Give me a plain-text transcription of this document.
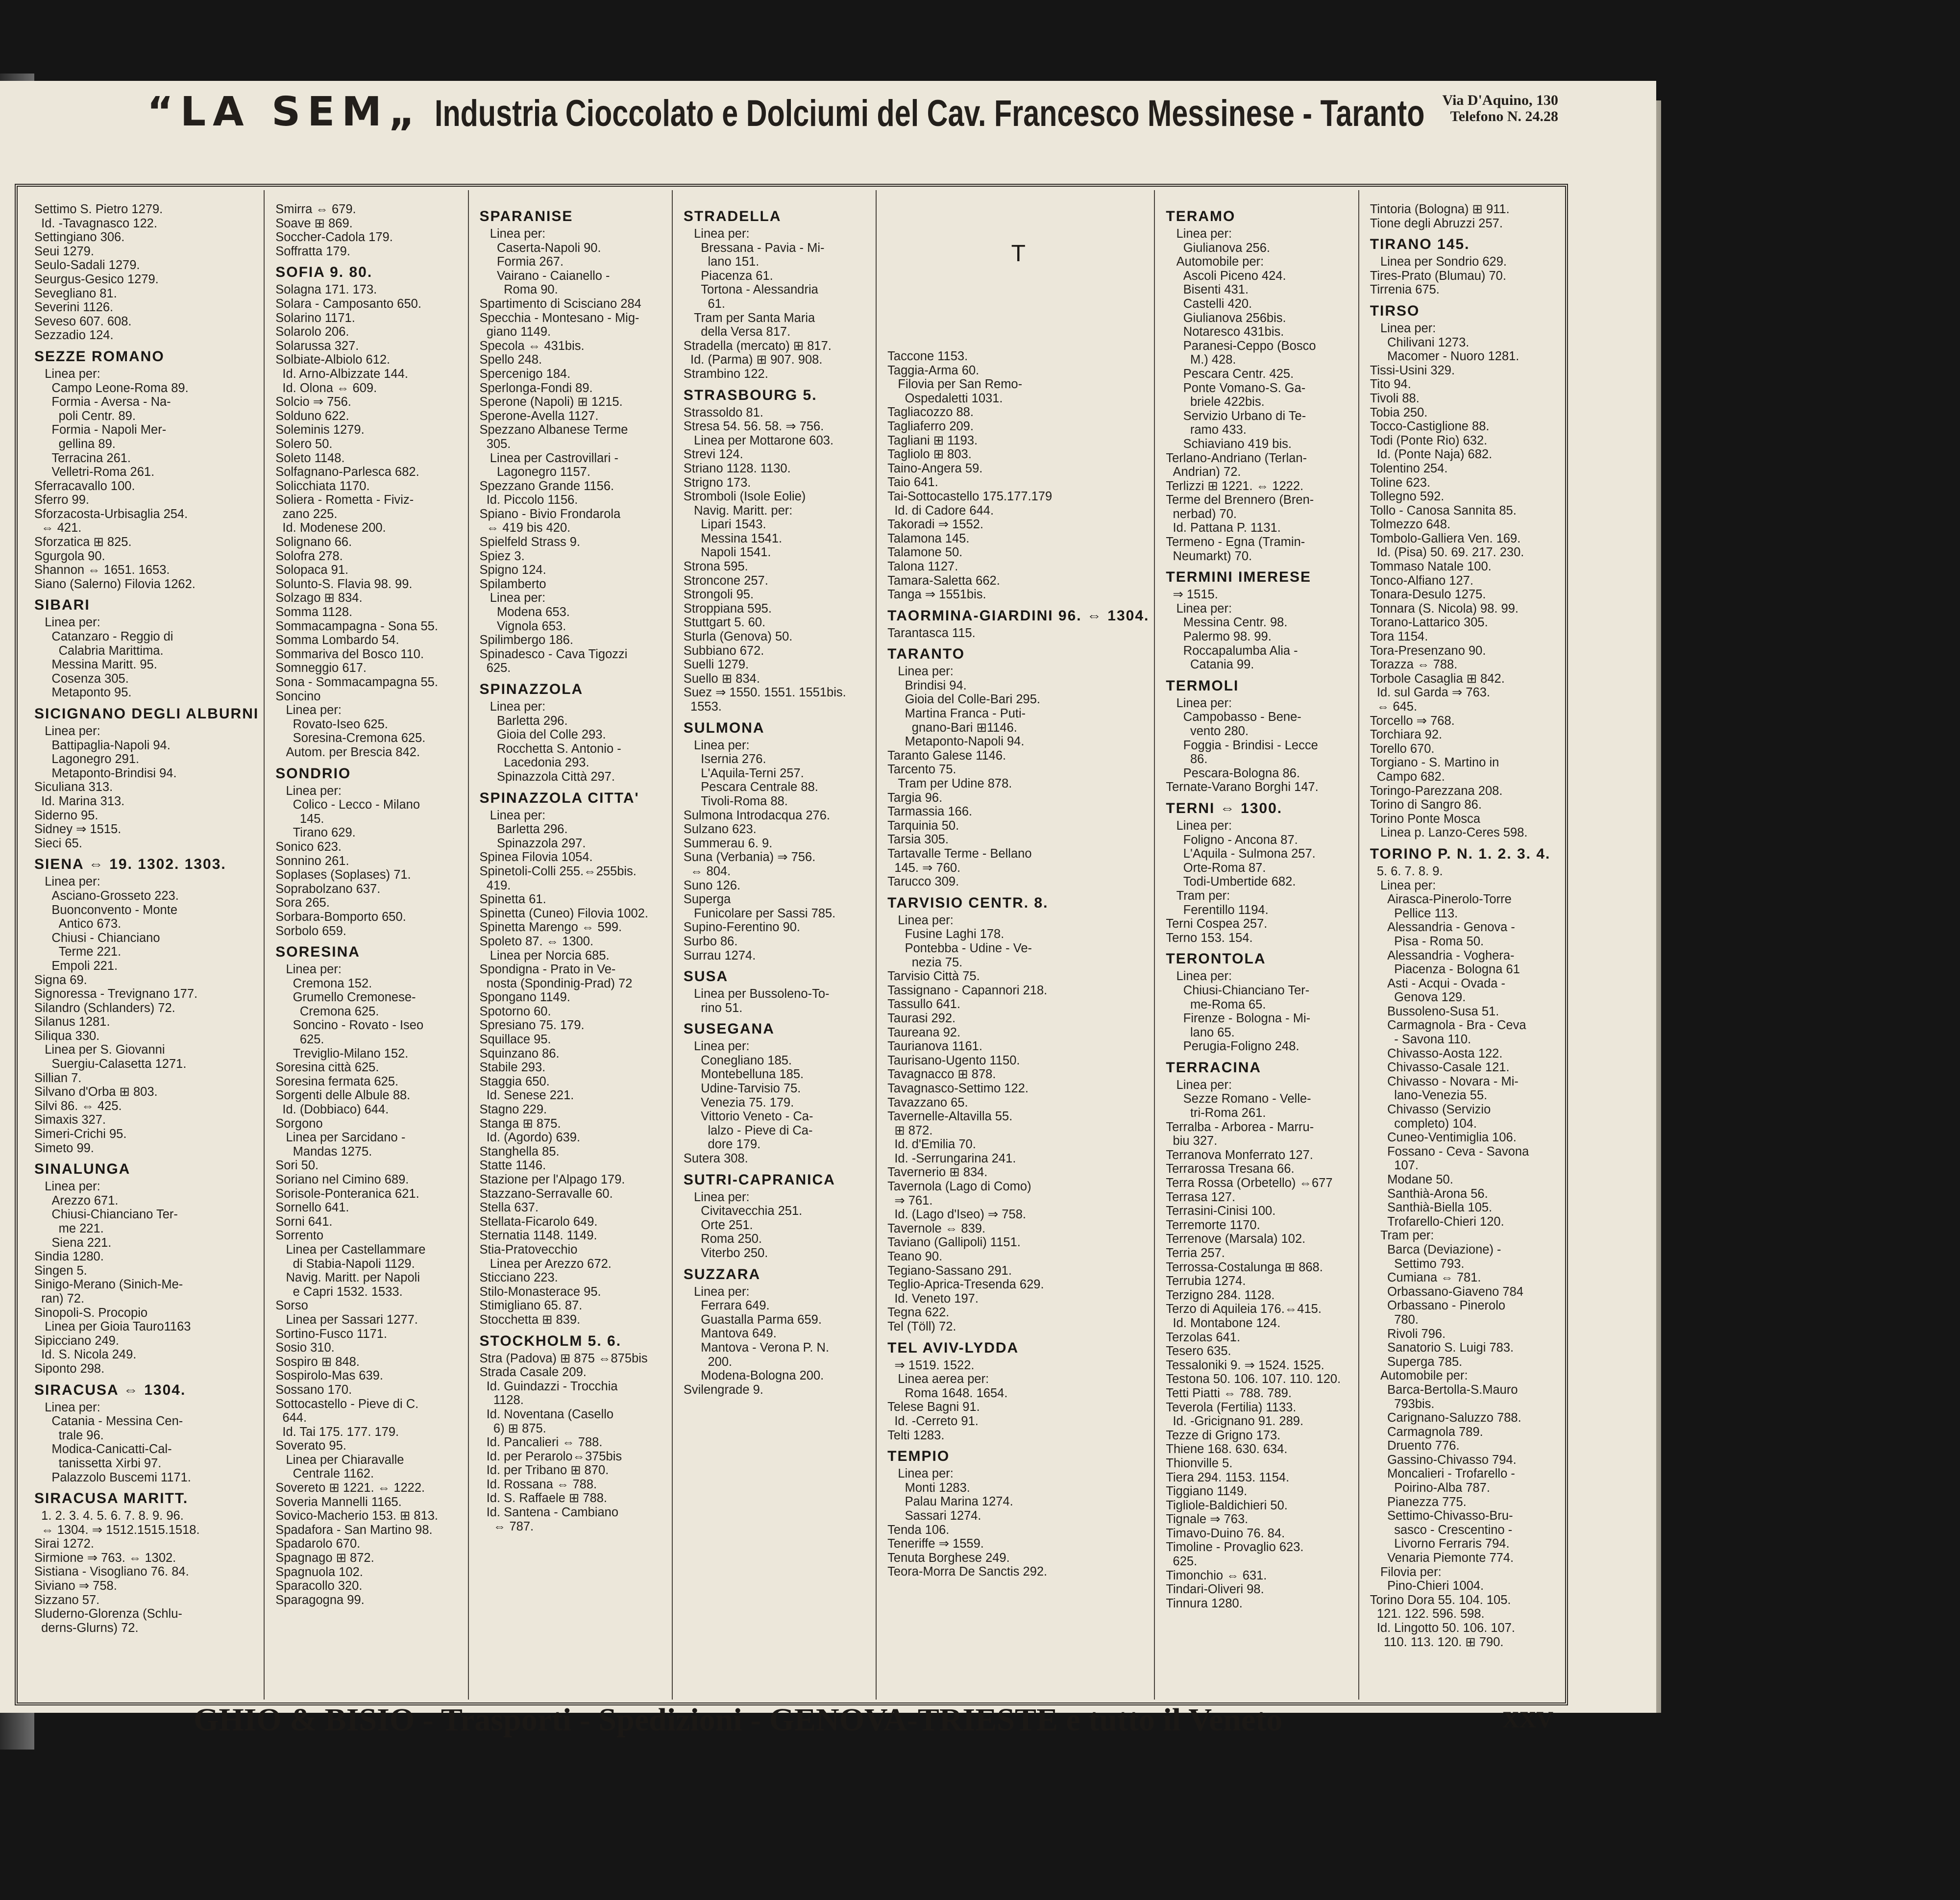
“LA SEM„ Industria Cioccolato e Dolciumi del Cav. Francesco Messinese - Taranto	Via D'Aquino, 130
Telefono N. 24.28

Settimo S. Pietro 1279.

Id. -Tavagnasco 122.

Settingiano 306.

Seui 1279.

Seulo-Sadali 1279.

Seurgus-Gesico 1279.

Sevegliano 81.

Severini 1126.

Seveso 607. 608.

Sezzadio 124.

SEZZE ROMANO

Linea per:

Campo Leone-Roma 89.

Formia - Aversa - Na-

poli Centr. 89.

Formia - Napoli Mer-

gellina 89.

Terracina 261.

Velletri-Roma 261.

Sferracavallo 100.

Sferro 99.

Sforzacosta-Urbisaglia 254.

⇔ 421.

Sforzatica ⊞ 825.

Sgurgola 90.

Shannon ⇔ 1651. 1653.

Siano (Salerno) Filovia 1262.

SIBARI

Linea per:

Catanzaro - Reggio di

Calabria Marittima.

Messina Maritt. 95.

Cosenza 305.

Metaponto 95.

SICIGNANO DEGLI ALBURNI

Linea per:

Battipaglia-Napoli 94.

Lagonegro 291.

Metaponto-Brindisi 94.

Siculiana 313.

Id. Marina 313.

Siderno 95.

Sidney ⇒ 1515.

Sieci 65.

SIENA ⇔ 19. 1302. 1303.

Linea per:

Asciano-Grosseto 223.

Buonconvento - Monte

Antico 673.

Chiusi - Chianciano

Terme 221.

Empoli 221.

Signa 69.

Signoressa - Trevignano 177.

Silandro (Schlanders) 72.

Silanus 1281.

Siliqua 330.

Linea per S. Giovanni

Suergiu-Calasetta 1271.

Sillian 7.

Silvano d'Orba ⊞ 803.

Silvi 86. ⇔ 425.

Simaxis 327.

Simeri-Crichi 95.

Simeto 99.

SINALUNGA

Linea per:

Arezzo 671.

Chiusi-Chianciano Ter-

me 221.

Siena 221.

Sindia 1280.

Singen 5.

Sinigo-Merano (Sinich-Me-

ran) 72.

Sinopoli-S. Procopio

Linea per Gioia Tauro1163

Sipicciano 249.

Id. S. Nicola 249.

Siponto 298.

SIRACUSA ⇔ 1304.

Linea per:

Catania - Messina Cen-

trale 96.

Modica-Canicatti-Cal-

tanissetta Xirbi 97.

Palazzolo Buscemi 1171.

SIRACUSA MARITT.

1. 2. 3. 4. 5. 6. 7. 8. 9. 96.

⇔ 1304. ⇒ 1512.1515.1518.

Sirai 1272.

Sirmione ⇒ 763. ⇔ 1302.

Sistiana - Visogliano 76. 84.

Siviano ⇒ 758.

Sizzano 57.

Sluderno-Glorenza (Schlu-

derns-Glurns) 72.

Smirra ⇔ 679.

Soave ⊞ 869.

Soccher-Cadola 179.

Soffratta 179.

SOFIA 9. 80.

Solagna 171. 173.

Solara - Camposanto 650.

Solarino 1171.

Solarolo 206.

Solarussa 327.

Solbiate-Albiolo 612.

Id. Arno-Albizzate 144.

Id. Olona ⇔ 609.

Solcio ⇒ 756.

Solduno 622.

Soleminis 1279.

Solero 50.

Soleto 1148.

Solfagnano-Parlesca 682.

Solicchiata 1170.

Soliera - Rometta - Fiviz-

zano 225.

Id. Modenese 200.

Solignano 66.

Solofra 278.

Solopaca 91.

Solunto-S. Flavia 98. 99.

Solzago ⊞ 834.

Somma 1128.

Sommacampagna - Sona 55.

Somma Lombardo 54.

Sommariva del Bosco 110.

Somneggio 617.

Sona - Sommacampagna 55.

Soncino

Linea per:

Rovato-Iseo 625.

Soresina-Cremona 625.

Autom. per Brescia 842.

SONDRIO

Linea per:

Colico - Lecco - Milano

145.

Tirano 629.

Sonico 623.

Sonnino 261.

Soplases (Soplases) 71.

Soprabolzano 637.

Sora 265.

Sorbara-Bomporto 650.

Sorbolo 659.

SORESINA

Linea per:

Cremona 152.

Grumello Cremonese-

Cremona 625.

Soncino - Rovato - Iseo

625.

Treviglio-Milano 152.

Soresina città 625.

Soresina fermata 625.

Sorgenti delle Albule 88.

Id. (Dobbiaco) 644.

Sorgono

Linea per Sarcidano -

Mandas 1275.

Sori 50.

Soriano nel Cimino 689.

Sorisole-Ponteranica 621.

Sornello 641.

Sorni 641.

Sorrento

Linea per Castellammare

di Stabia-Napoli 1129.

Navig. Maritt. per Napoli

e Capri 1532. 1533.

Sorso

Linea per Sassari 1277.

Sortino-Fusco 1171.

Sosio 310.

Sospiro ⊞ 848.

Sospirolo-Mas 639.

Sossano 170.

Sottocastello - Pieve di C.

644.

Id. Tai 175. 177. 179.

Soverato 95.

Linea per Chiaravalle

Centrale 1162.

Sovereto ⊞ 1221. ⇔ 1222.

Soveria Mannelli 1165.

Sovico-Macherio 153. ⊞ 813.

Spadafora - San Martino 98.

Spadarolo 670.

Spagnago ⊞ 872.

Spagnuola 102.

Sparacollo 320.

Sparagogna 99.

SPARANISE

Linea per:

Caserta-Napoli 90.

Formia 267.

Vairano - Caianello -

Roma 90.

Spartimento di Scisciano 284

Specchia - Montesano - Mig-

giano 1149.

Specola ⇔ 431bis.

Spello 248.

Spercenigo 184.

Sperlonga-Fondi 89.

Sperone (Napoli) ⊞ 1215.

Sperone-Avella 1127.

Spezzano Albanese Terme

305.

Linea per Castrovillari -

Lagonegro 1157.

Spezzano Grande 1156.

Id. Piccolo 1156.

Spiano - Bivio Frondarola

⇔ 419 bis 420.

Spielfeld Strass 9.

Spiez 3.

Spigno 124.

Spilamberto

Linea per:

Modena 653.

Vignola 653.

Spilimbergo 186.

Spinadesco - Cava Tigozzi

625.

SPINAZZOLA

Linea per:

Barletta 296.

Gioia del Colle 293.

Rocchetta S. Antonio -

Lacedonia 293.

Spinazzola Città 297.

SPINAZZOLA CITTA'

Linea per:

Barletta 296.

Spinazzola 297.

Spinea Filovia 1054.

Spinetoli-Colli 255.⇔255bis.

419.

Spinetta 61.

Spinetta (Cuneo) Filovia 1002.

Spinetta Marengo ⇔ 599.

Spoleto 87. ⇔ 1300.

Linea per Norcia 685.

Spondigna - Prato in Ve-

nosta (Spondinig-Prad) 72

Spongano 1149.

Spotorno 60.

Spresiano 75. 179.

Squillace 95.

Squinzano 86.

Stabile 293.

Staggia 650.

Id. Senese 221.

Stagno 229.

Stanga ⊞ 875.

Id. (Agordo) 639.

Stanghella 85.

Statte 1146.

Stazione per l'Alpago 179.

Stazzano-Serravalle 60.

Stella 637.

Stellata-Ficarolo 649.

Sternatia 1148. 1149.

Stia-Pratovecchio

Linea per Arezzo 672.

Sticciano 223.

Stilo-Monasterace 95.

Stimigliano 65. 87.

Stocchetta ⊞ 839.

STOCKHOLM 5. 6.

Stra (Padova) ⊞ 875 ⇔875bis

Strada Casale 209.

Id. Guindazzi - Trocchia

1128.

Id. Noventana (Casello

6) ⊞ 875.

Id. Pancalieri ⇔ 788.

Id. per Perarolo⇔375bis

Id. per Tribano ⊞ 870.

Id. Rossana ⇔ 788.

Id. S. Raffaele ⊞ 788.

Id. Santena - Cambiano

⇔ 787.

STRADELLA

Linea per:

Bressana - Pavia - Mi-

lano 151.

Piacenza 61.

Tortona - Alessandria

61.

Tram per Santa Maria

della Versa 817.

Stradella (mercato) ⊞ 817.

Id. (Parma) ⊞ 907. 908.

Strambino 122.

STRASBOURG 5.

Strassoldo 81.

Stresa 54. 56. 58. ⇒ 756.

Linea per Mottarone 603.

Strevi 124.

Striano 1128. 1130.

Strigno 173.

Stromboli (Isole Eolie)

Navig. Maritt. per:

Lipari 1543.

Messina 1541.

Napoli 1541.

Strona 595.

Stroncone 257.

Strongoli 95.

Stroppiana 595.

Stuttgart 5. 60.

Sturla (Genova) 50.

Subbiano 672.

Suelli 1279.

Suello ⊞ 834.

Suez ⇒ 1550. 1551. 1551bis.

1553.

SULMONA

Linea per:

Isernia 276.

L'Aquila-Terni 257.

Pescara Centrale 88.

Tivoli-Roma 88.

Sulmona Introdacqua 276.

Sulzano 623.

Summerau 6. 9.

Suna (Verbania) ⇒ 756.

⇔ 804.

Suno 126.

Superga

Funicolare per Sassi 785.

Supino-Ferentino 90.

Surbo 86.

Surrau 1274.

SUSA

Linea per Bussoleno-To-

rino 51.

SUSEGANA

Linea per:

Conegliano 185.

Montebelluna 185.

Udine-Tarvisio 75.

Venezia 75. 179.

Vittorio Veneto - Ca-

lalzo - Pieve di Ca-

dore 179.

Sutera 308.

SUTRI-CAPRANICA

Linea per:

Civitavecchia 251.

Orte 251.

Roma 250.

Viterbo 250.

SUZZARA

Linea per:

Ferrara 649.

Guastalla Parma 659.

Mantova 649.

Mantova - Verona P. N.

200.

Modena-Bologna 200.

Svilengrade 9.

T

Taccone 1153.

Taggia-Arma 60.

Filovia per San Remo-

Ospedaletti 1031.

Tagliacozzo 88.

Tagliaferro 209.

Tagliani ⊞ 1193.

Tagliolo ⊞ 803.

Taino-Angera 59.

Taio 641.

Tai-Sottocastello 175.177.179

Id. di Cadore 644.

Takoradi ⇒ 1552.

Talamona 145.

Talamone 50.

Talona 1127.

Tamara-Saletta 662.

Tanga ⇒ 1551bis.

TAORMINA-GIARDINI 96. ⇔ 1304.

Tarantasca 115.

TARANTO

Linea per:

Brindisi 94.

Gioia del Colle-Bari 295.

Martina Franca - Puti-

gnano-Bari ⊞1146.

Metaponto-Napoli 94.

Taranto Galese 1146.

Tarcento 75.

Tram per Udine 878.

Targia 96.

Tarmassia 166.

Tarquinia 50.

Tarsia 305.

Tartavalle Terme - Bellano

145. ⇒ 760.

Tarucco 309.

TARVISIO CENTR. 8.

Linea per:

Fusine Laghi 178.

Pontebba - Udine - Ve-

nezia 75.

Tarvisio Città 75.

Tassignano - Capannori 218.

Tassullo 641.

Taurasi 292.

Taureana 92.

Taurianova 1161.

Taurisano-Ugento 1150.

Tavagnacco ⊞ 878.

Tavagnasco-Settimo 122.

Tavazzano 65.

Tavernelle-Altavilla 55.

⊞ 872.

Id. d'Emilia 70.

Id. -Serrungarina 241.

Tavernerio ⊞ 834.

Tavernola (Lago di Como)

⇒ 761.

Id. (Lago d'Iseo) ⇒ 758.

Tavernole ⇔ 839.

Taviano (Gallipoli) 1151.

Teano 90.

Tegiano-Sassano 291.

Teglio-Aprica-Tresenda 629.

Id. Veneto 197.

Tegna 622.

Tel (Töll) 72.

TEL AVIV-LYDDA

⇒ 1519. 1522.

Linea aerea per:

Roma 1648. 1654.

Telese Bagni 91.

Id. -Cerreto 91.

Telti 1283.

TEMPIO

Linea per:

Monti 1283.

Palau Marina 1274.

Sassari 1274.

Tenda 106.

Teneriffe ⇒ 1559.

Tenuta Borghese 249.

Teora-Morra De Sanctis 292.

TERAMO

Linea per:

Giulianova 256.

Automobile per:

Ascoli Piceno 424.

Bisenti 431.

Castelli 420.

Giulianova 256bis.

Notaresco 431bis.

Paranesi-Ceppo (Bosco

M.) 428.

Pescara Centr. 425.

Ponte Vomano-S. Ga-

briele 422bis.

Servizio Urbano di Te-

ramo 433.

Schiaviano 419 bis.

Terlano-Andriano (Terlan-

Andrian) 72.

Terlizzi ⊞ 1221. ⇔ 1222.

Terme del Brennero (Bren-

nerbad) 70.

Id. Pattana P. 1131.

Termeno - Egna (Tramin-

Neumarkt) 70.

TERMINI IMERESE

⇒ 1515.

Linea per:

Messina Centr. 98.

Palermo 98. 99.

Roccapalumba Alia -

Catania 99.

TERMOLI

Linea per:

Campobasso - Bene-

vento 280.

Foggia - Brindisi - Lecce

86.

Pescara-Bologna 86.

Ternate-Varano Borghi 147.

TERNI ⇔ 1300.

Linea per:

Foligno - Ancona 87.

L'Aquila - Sulmona 257.

Orte-Roma 87.

Todi-Umbertide 682.

Tram per:

Ferentillo 1194.

Terni Cospea 257.

Terno 153. 154.

TERONTOLA

Linea per:

Chiusi-Chianciano Ter-

me-Roma 65.

Firenze - Bologna - Mi-

lano 65.

Perugia-Foligno 248.

TERRACINA

Linea per:

Sezze Romano - Velle-

tri-Roma 261.

Terralba - Arborea - Marru-

biu 327.

Terranova Monferrato 127.

Terrarossa Tresana 66.

Terra Rossa (Orbetello) ⇔677

Terrasa 127.

Terrasini-Cinisi 100.

Terremorte 1170.

Terrenove (Marsala) 102.

Terria 257.

Terrossa-Costalunga ⊞ 868.

Terrubia 1274.

Terzigno 284. 1128.

Terzo di Aquileia 176.⇔415.

Id. Montabone 124.

Terzolas 641.

Tesero 635.

Tessaloniki 9. ⇒ 1524. 1525.

Testona 50. 106. 107. 110. 120.

Tetti Piatti ⇔ 788. 789.

Teverola (Fertilia) 1133.

Id. -Gricignano 91. 289.

Tezze di Grigno 173.

Thiene 168. 630. 634.

Thionville 5.

Tiera 294. 1153. 1154.

Tiggiano 1149.

Tigliole-Baldichieri 50.

Tignale ⇒ 763.

Timavo-Duino 76. 84.

Timoline - Provaglio 623.

625.

Timonchio ⇔ 631.

Tindari-Oliveri 98.

Tinnura 1280.

Tintoria (Bologna) ⊞ 911.

Tione degli Abruzzi 257.

TIRANO 145.

Linea per Sondrio 629.

Tires-Prato (Blumau) 70.

Tirrenia 675.

TIRSO

Linea per:

Chilivani 1273.

Macomer - Nuoro 1281.

Tissi-Usini 329.

Tito 94.

Tivoli 88.

Tobia 250.

Tocco-Castiglione 88.

Todi (Ponte Rio) 632.

Id. (Ponte Naja) 682.

Tolentino 254.

Toline 623.

Tollegno 592.

Tollo - Canosa Sannita 85.

Tolmezzo 648.

Tombolo-Galliera Ven. 169.

Id. (Pisa) 50. 69. 217. 230.

Tommaso Natale 100.

Tonco-Alfiano 127.

Tonara-Desulo 1275.

Tonnara (S. Nicola) 98. 99.

Torano-Lattarico 305.

Tora 1154.

Tora-Presenzano 90.

Torazza ⇔ 788.

Torbole Casaglia ⊞ 842.

Id. sul Garda ⇒ 763.

⇔ 645.

Torcello ⇒ 768.

Torchiara 92.

Torello 670.

Torgiano - S. Martino in

Campo 682.

Toringo-Parezzana 208.

Torino di Sangro 86.

Torino Ponte Mosca

Linea p. Lanzo-Ceres 598.

TORINO P. N. 1. 2. 3. 4.

5. 6. 7. 8. 9.

Linea per:

Airasca-Pinerolo-Torre

Pellice 113.

Alessandria - Genova -

Pisa - Roma 50.

Alessandria - Voghera-

Piacenza - Bologna 61

Asti - Acqui - Ovada -

Genova 129.

Bussoleno-Susa 51.

Carmagnola - Bra - Ceva

- Savona 110.

Chivasso-Aosta 122.

Chivasso-Casale 121.

Chivasso - Novara - Mi-

lano-Venezia 55.

Chivasso (Servizio

completo) 104.

Cuneo-Ventimiglia 106.

Fossano - Ceva - Savona

107.

Modane 50.

Santhià-Arona 56.

Santhià-Biella 105.

Trofarello-Chieri 120.

Tram per:

Barca (Deviazione) -

Settimo 793.

Cumiana ⇔ 781.

Orbassano-Giaveno 784

Orbassano - Pinerolo

780.

Rivoli 796.

Sanatorio S. Luigi 783.

Superga 785.

Automobile per:

Barca-Bertolla-S.Mauro

793bis.

Carignano-Saluzzo 788.

Carmagnola 789.

Druento 776.

Gassino-Chivasso 794.

Moncalieri - Trofarello -

Poirino-Alba 787.

Pianezza 775.

Settimo-Chivasso-Bru-

sasco - Crescentino -

Livorno Ferraris 794.

Venaria Piemonte 774.

Filovia per:

Pino-Chieri 1004.

Torino Dora 55. 104. 105.

121. 122. 596. 598.

Id. Lingotto 50. 106. 107.

110. 113. 120. ⊞ 790.

GHIO & BISIO - Trasporti - Spedizioni - GENOVA-TRIESTE e tutto il Veneto	XXV
